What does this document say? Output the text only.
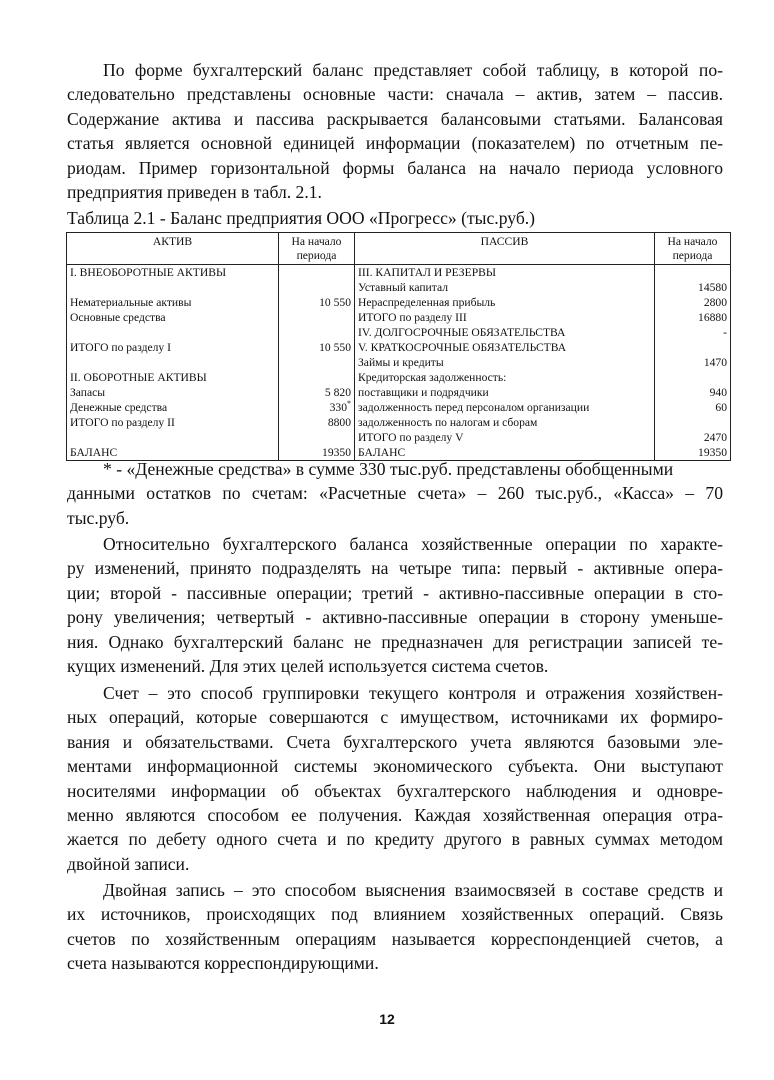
По форме бухгалтерский баланс представляет собой таблицу, в которой по-
следовательно представлены основные части: сначала – актив, затем – пассив.
Содержание актива и пассива раскрывается балансовыми статьями. Балансовая
статья является основной единицей информации (показателем) по отчетным пе-
риодам. Пример горизонтальной формы баланса на начало периода условного
предприятия приведен в табл. 2.1.

Таблица 2.1 - Баланс предприятия ООО «Прогресс» (тыс.руб.)
АКТИВ	На начало периода	ПАССИВ	На начало периода
I. ВНЕОБОРОТНЫЕ АКТИВЫ		III. КАПИТАЛ И РЕЗЕРВЫ	
		Уставный капитал	14580
Нематериальные активы	10 550	Нераспределенная прибыль	2800
Основные средства		ИТОГО по разделу III	16880
		IV. ДОЛГОСРОЧНЫЕ ОБЯЗАТЕЛЬСТВА	-
ИТОГО по разделу I	10 550	V. КРАТКОСРОЧНЫЕ ОБЯЗАТЕЛЬСТВА	
		Займы и кредиты	1470
II. ОБОРОТНЫЕ АКТИВЫ		Кредиторская задолженность:	
Запасы	5 820	поставщики и подрядчики	940
Денежные средства	330*	задолженность перед персоналом организации	60
ИТОГО по разделу II	8800	задолженность по налогам и сборам	
		ИТОГО по разделу V	2470
БАЛАНС	19350	БАЛАНС	19350
* - «Денежные средства» в сумме 330 тыс.руб. представлены обобщенными
данными остатков по счетам: «Расчетные счета» – 260 тыс.руб., «Касса» – 70
тыс.руб.

Относительно бухгалтерского баланса хозяйственные операции по характе-
ру изменений, принято подразделять на четыре типа: первый - активные опера-
ции; второй - пассивные операции; третий - активно-пассивные операции в сто-
рону увеличения; четвертый - активно-пассивные операции в сторону уменьше-
ния. Однако бухгалтерский баланс не предназначен для регистрации записей те-
кущих изменений. Для этих целей используется система счетов.

Счет – это способ группировки текущего контроля и отражения хозяйствен-
ных операций, которые совершаются с имуществом, источниками их формиро-
вания и обязательствами. Счета бухгалтерского учета являются базовыми эле-
ментами информационной системы экономического субъекта. Они выступают
носителями информации об объектах бухгалтерского наблюдения и одновре-
менно являются способом ее получения. Каждая хозяйственная операция отра-
жается по дебету одного счета и по кредиту другого в равных суммах методом
двойной записи.

Двойная запись – это способом выяснения взаимосвязей в составе средств и
их источников, происходящих под влиянием хозяйственных операций. Связь
счетов по хозяйственным операциям называется корреспонденцией счетов, а
счета называются корреспондирующими.

12
